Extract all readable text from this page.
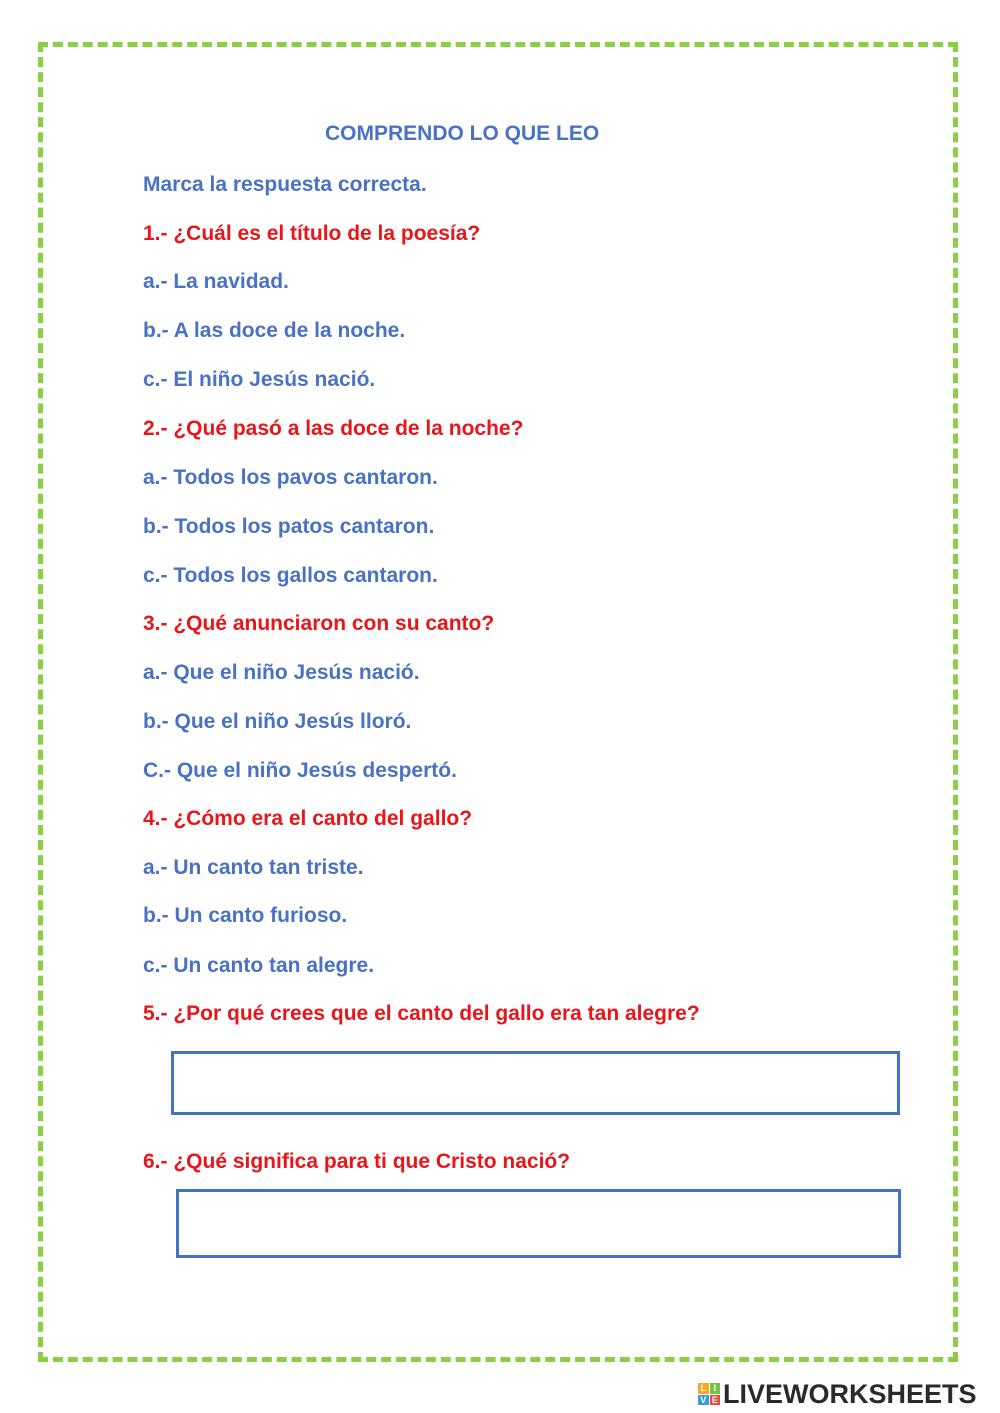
COMPRENDO LO QUE LEO
Marca la respuesta correcta.
1.- ¿Cuál es el título de la poesía?
a.- La navidad.
b.- A las doce de la noche.
c.- El niño Jesús nació.
2.- ¿Qué pasó a las doce de la noche?
a.- Todos los pavos cantaron.
b.- Todos los patos cantaron.
c.- Todos los gallos cantaron.
3.- ¿Qué anunciaron con su canto?
a.- Que el niño Jesús nació.
b.- Que el niño Jesús lloró.
C.- Que el niño Jesús despertó.
4.- ¿Cómo era el canto del gallo?
a.- Un canto tan triste.
b.- Un canto furioso.
c.- Un canto tan alegre.
5.- ¿Por qué crees que el canto del gallo era tan alegre?
6.- ¿Qué significa para ti que Cristo nació?
L I
V E LIVEWORKSHEETS
